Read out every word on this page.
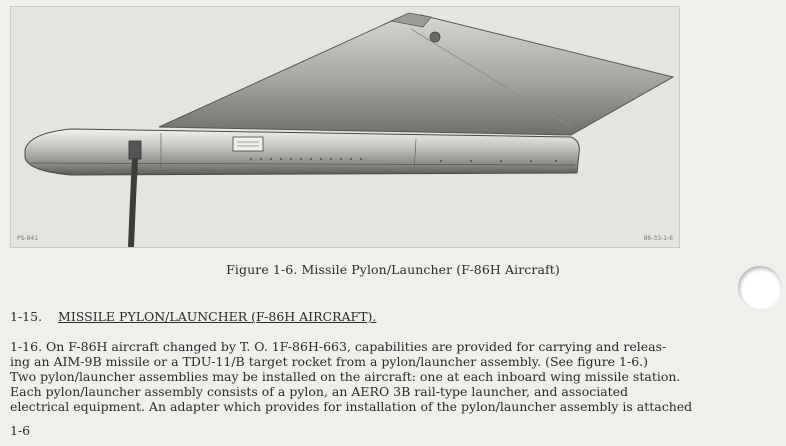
PS-841	86-33-1-6
Figure 1-6. Missile Pylon/Launcher (F-86H Aircraft)
1-15. MISSILE PYLON/LAUNCHER (F-86H AIRCRAFT).
1-16. On F-86H aircraft changed by T. O. 1F-86H-663, capabilities are provided for carrying and releas-
ing an AIM-9B missile or a TDU-11/B target rocket from a pylon/launcher assembly. (See figure 1-6.)
Two pylon/launcher assemblies may be installed on the aircraft: one at each inboard wing missile station.
Each pylon/launcher assembly consists of a pylon, an AERO 3B rail-type launcher, and associated
electrical equipment. An adapter which provides for installation of the pylon/launcher assembly is attached
1-6
